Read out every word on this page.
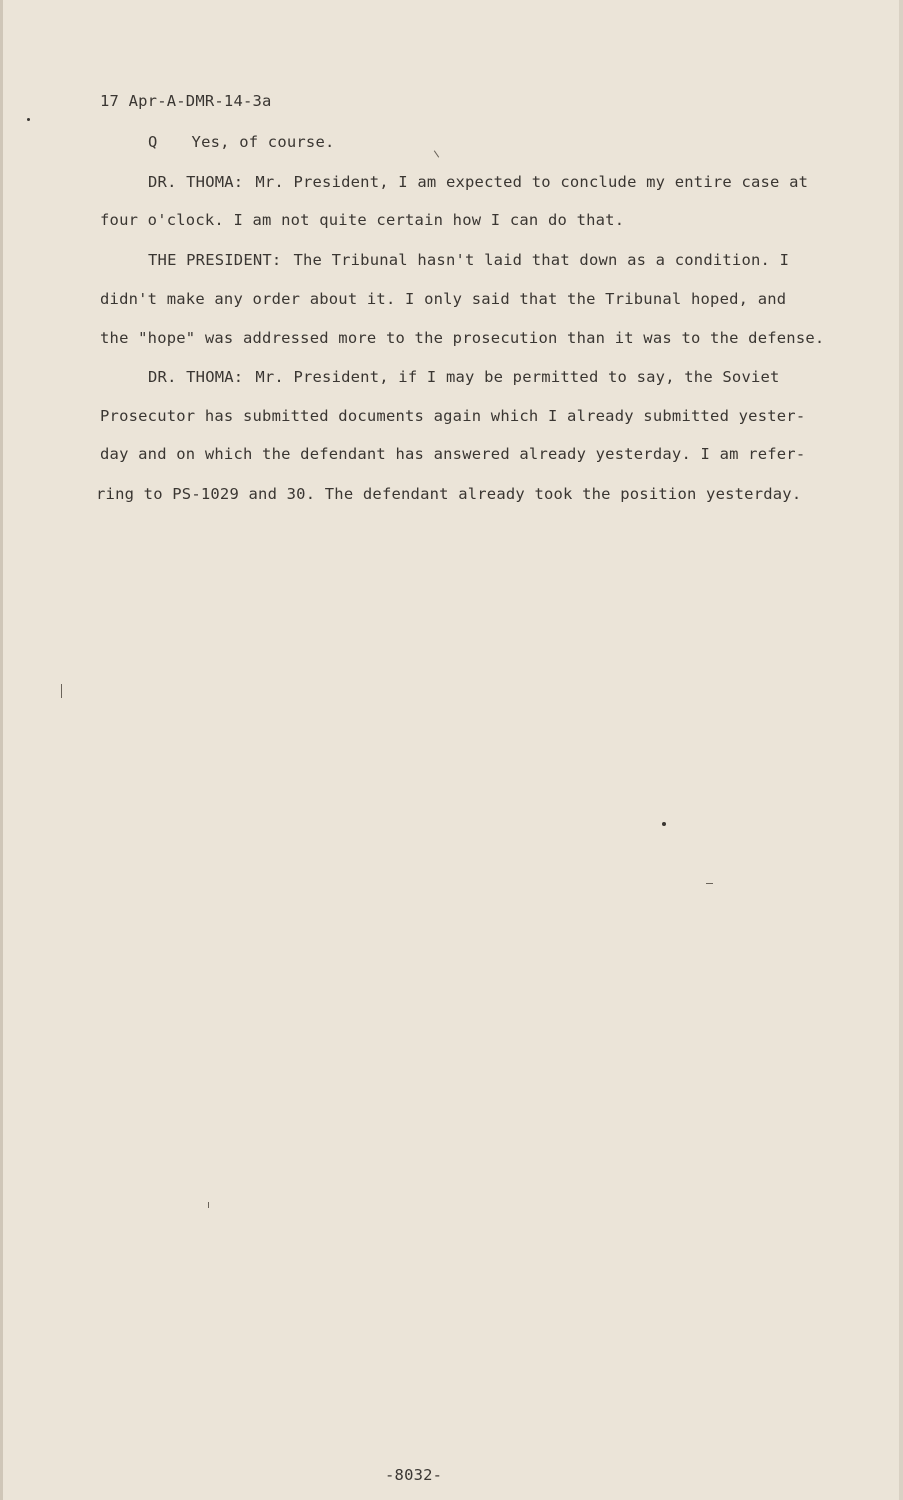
17 Apr-A-DMR-14-3a
Q Yes, of course.
DR. THOMA: Mr. President, I am expected to conclude my entire case at
four o'clock. I am not quite certain how I can do that.
THE PRESIDENT: The Tribunal hasn't laid that down as a condition. I
didn't make any order about it. I only said that the Tribunal hoped, and
the "hope" was addressed more to the prosecution than it was to the defense.
DR. THOMA: Mr. President, if I may be permitted to say, the Soviet
Prosecutor has submitted documents again which I already submitted yester-
day and on which the defendant has answered already yesterday. I am refer-
ring to PS-1029 and 30. The defendant already took the position yesterday.
-8032-
